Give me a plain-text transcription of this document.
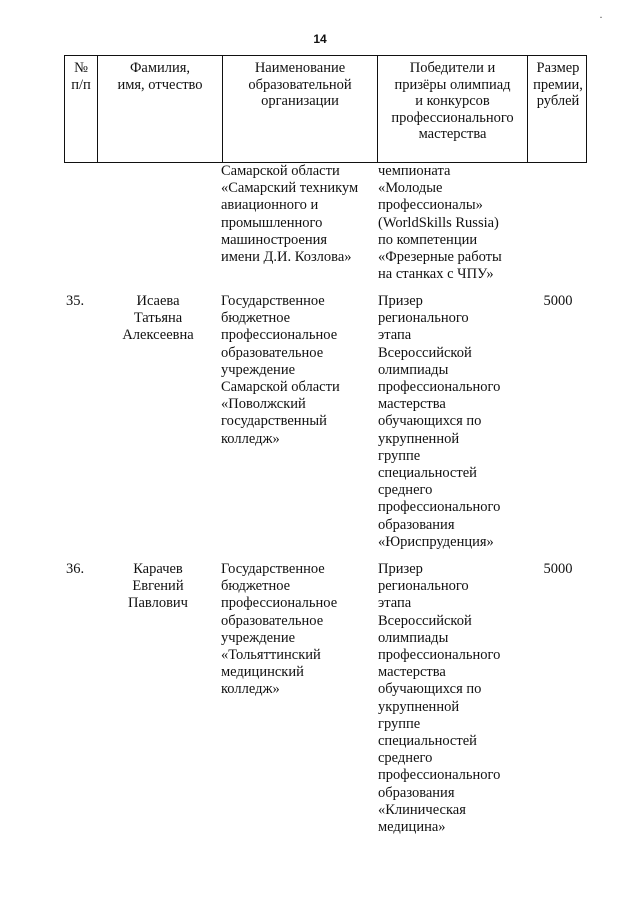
·
14
№
п/п
Фамилия,
имя, отчество
Наименование
образовательной
организации
Победители и
призёры олимпиад
и конкурсов
профессионального
мастерства
Размер
премии,
рублей
Самарской области
«Самарский техникум
авиационного и
промышленного
машиностроения
имени Д.И. Козлова»
чемпионата
«Молодые
профессионалы»
(WorldSkills Russia)
по компетенции
«Фрезерные работы
на станках с ЧПУ»
35.	Исаева
Татьяна
Алексеевна
Государственное
бюджетное
профессиональное
образовательное
учреждение
Самарской области
«Поволжский
государственный
колледж»
Призер
регионального
этапа
Всероссийской
олимпиады
профессионального
мастерства
обучающихся по
укрупненной
группе
специальностей
среднего
профессионального
образования
«Юриспруденция»
5000
36.	Карачев
Евгений
Павлович
Государственное
бюджетное
профессиональное
образовательное
учреждение
«Тольяттинский
медицинский
колледж»
Призер
регионального
этапа
Всероссийской
олимпиады
профессионального
мастерства
обучающихся по
укрупненной
группе
специальностей
среднего
профессионального
образования
«Клиническая
медицина»
5000
